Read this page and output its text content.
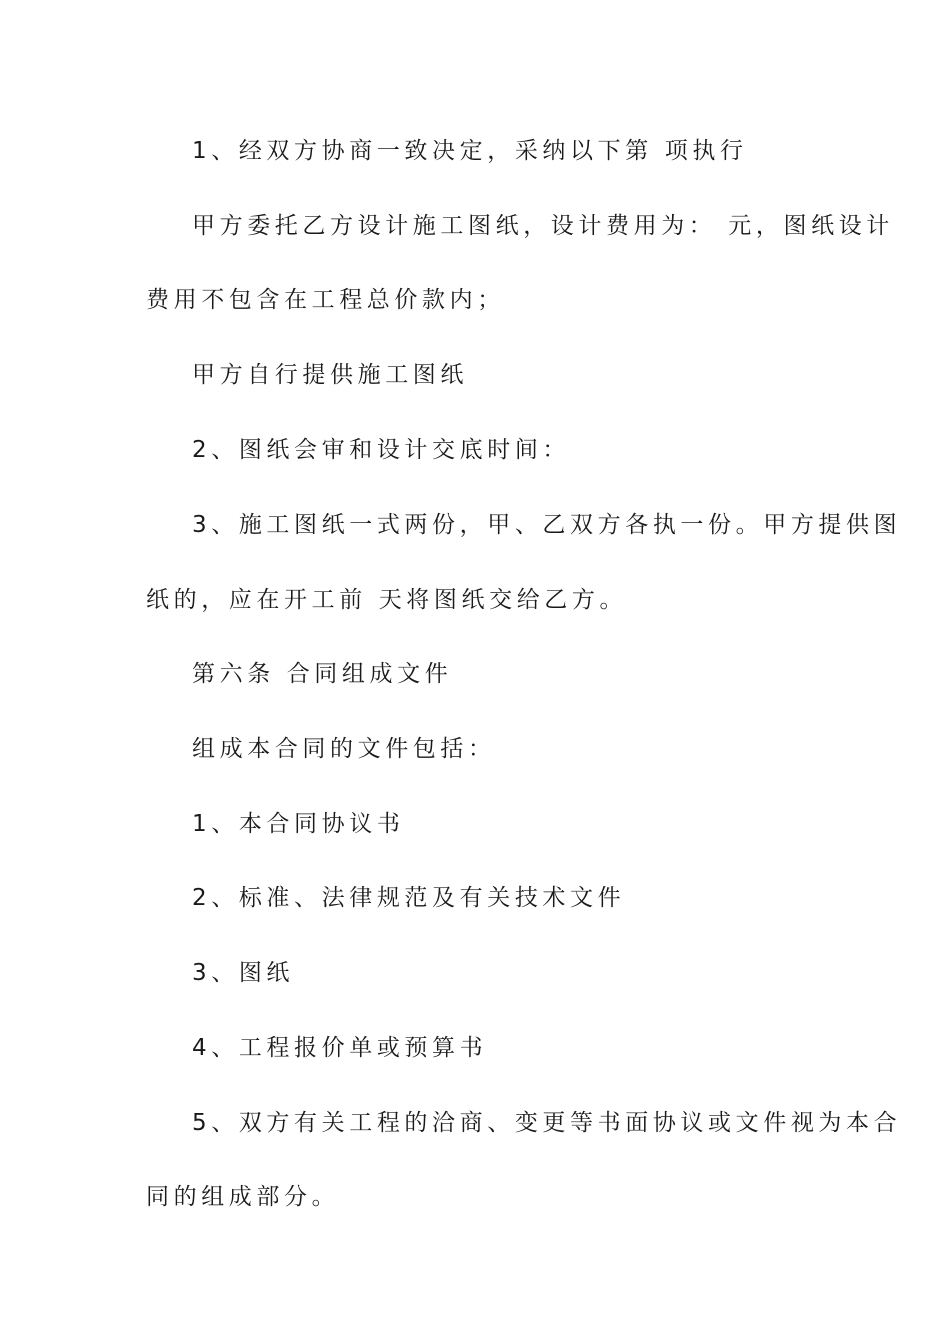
1、经双方协商一致决定，采纳以下第 项执行
甲方委托乙方设计施工图纸，设计费用为： 元，图纸设计
费用不包含在工程总价款内；
甲方自行提供施工图纸
2、图纸会审和设计交底时间：
3、施工图纸一式两份，甲、乙双方各执一份。甲方提供图
纸的，应在开工前 天将图纸交给乙方。
第六条 合同组成文件
组成本合同的文件包括：
1、本合同协议书
2、标准、法律规范及有关技术文件
3、图纸
4、工程报价单或预算书
5、双方有关工程的洽商、变更等书面协议或文件视为本合
同的组成部分。
